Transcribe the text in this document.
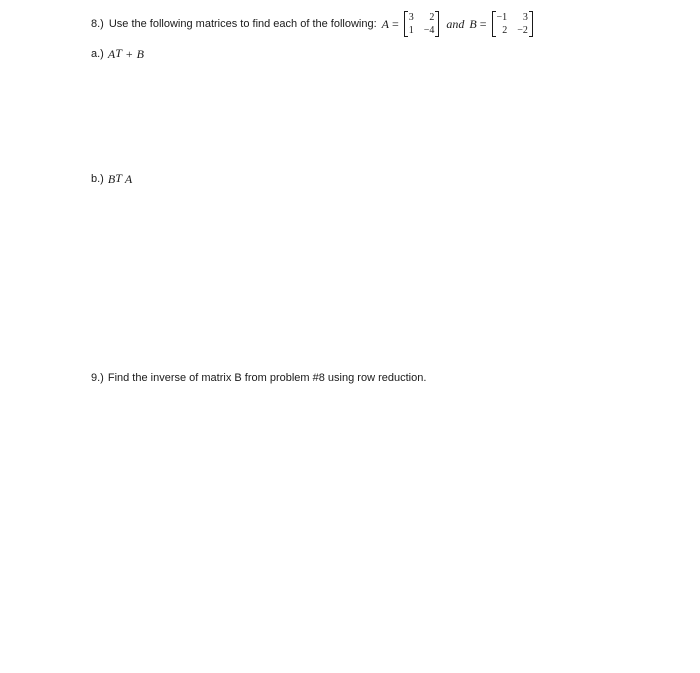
8.) Use the following matrices to find each of the following: A = 3	2
1 −4 and B = −1	3
2 −2
a.) $A^T + B$
b.) $B^T$ A
9.) Find the inverse of matrix B from problem #8 using row reduction.
